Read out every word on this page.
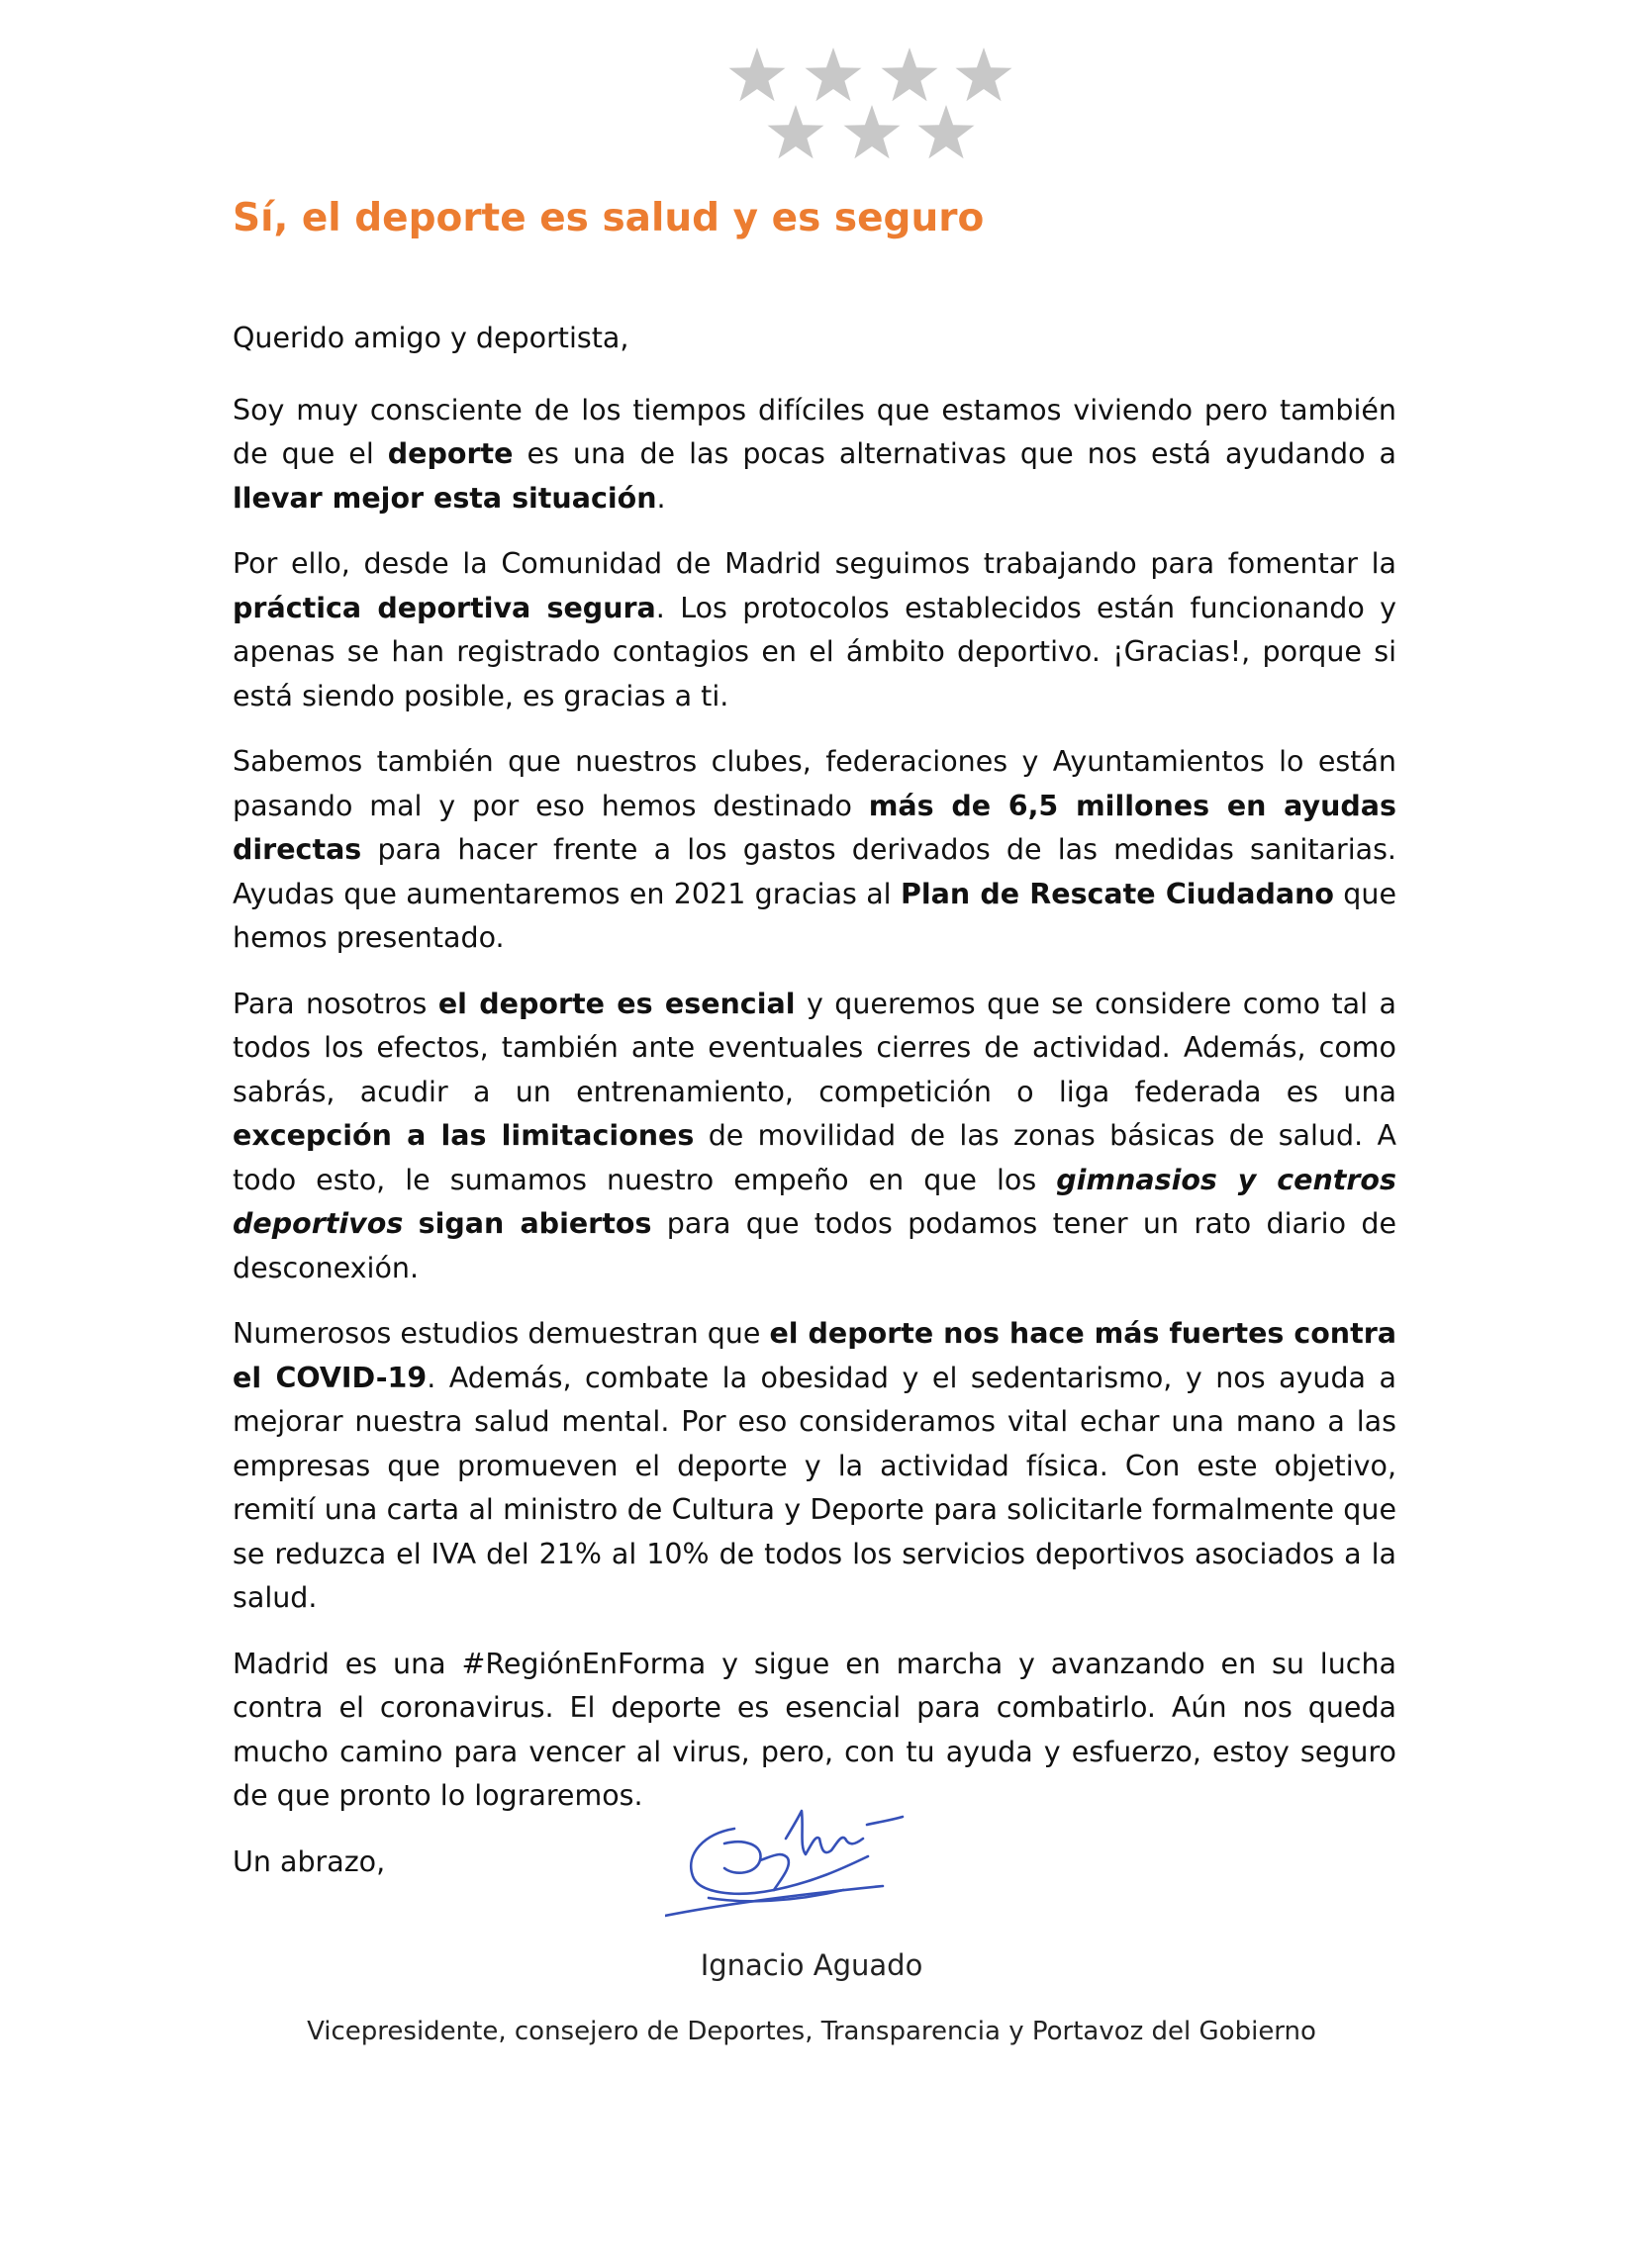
Sí, el deporte es salud y es seguro

Querido amigo y deportista,

Soy muy consciente de los tiempos difíciles que estamos viviendo pero también de que el deporte es una de las pocas alternativas que nos está ayudando a llevar mejor esta situación.

Por ello, desde la Comunidad de Madrid seguimos trabajando para fomentar la práctica deportiva segura. Los protocolos establecidos están funcionando y apenas se han registrado contagios en el ámbito deportivo. ¡Gracias!, porque si está siendo posible, es gracias a ti.

Sabemos también que nuestros clubes, federaciones y Ayuntamientos lo están pasando mal y por eso hemos destinado más de 6,5 millones en ayudas directas para hacer frente a los gastos derivados de las medidas sanitarias. Ayudas que aumentaremos en 2021 gracias al Plan de Rescate Ciudadano que hemos presentado.

Para nosotros el deporte es esencial y queremos que se considere como tal a todos los efectos, también ante eventuales cierres de actividad. Además, como sabrás, acudir a un entrenamiento, competición o liga federada es una excepción a las limitaciones de movilidad de las zonas básicas de salud. A todo esto, le sumamos nuestro empeño en que los gimnasios y centros deportivos sigan abiertos para que todos podamos tener un rato diario de desconexión.

Numerosos estudios demuestran que el deporte nos hace más fuertes contra el COVID-19. Además, combate la obesidad y el sedentarismo, y nos ayuda a mejorar nuestra salud mental. Por eso consideramos vital echar una mano a las empresas que promueven el deporte y la actividad física. Con este objetivo, remití una carta al ministro de Cultura y Deporte para solicitarle formalmente que se reduzca el IVA del 21% al 10% de todos los servicios deportivos asociados a la salud.

Madrid es una #RegiónEnForma y sigue en marcha y avanzando en su lucha contra el coronavirus. El deporte es esencial para combatirlo. Aún nos queda mucho camino para vencer al virus, pero, con tu ayuda y esfuerzo, estoy seguro de que pronto lo lograremos.

Un abrazo,

Ignacio Aguado
Vicepresidente, consejero de Deportes, Transparencia y Portavoz del Gobierno
